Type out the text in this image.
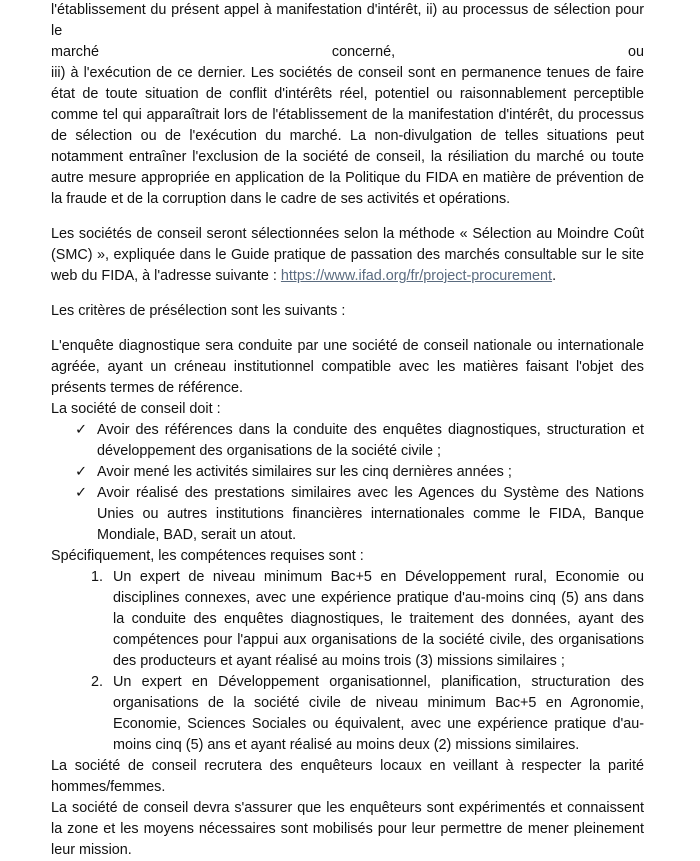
l'établissement du présent appel à manifestation d'intérêt, ii) au processus de sélection pour le

marché	concerné,	ou

iii) à l'exécution de ce dernier. Les sociétés de conseil sont en permanence tenues de faire état de toute situation de conflit d'intérêts réel, potentiel ou raisonnablement perceptible comme tel qui apparaîtrait lors de l'établissement de la manifestation d'intérêt, du processus de sélection ou de l'exécution du marché. La non-divulgation de telles situations peut notamment entraîner l'exclusion de la société de conseil, la résiliation du marché ou toute autre mesure appropriée en application de la Politique du FIDA en matière de prévention de la fraude et de la corruption dans le cadre de ses activités et opérations.

Les sociétés de conseil seront sélectionnées selon la méthode « Sélection au Moindre Coût (SMC) », expliquée dans le Guide pratique de passation des marchés consultable sur le site web du FIDA, à l'adresse suivante : https://www.ifad.org/fr/project-procurement.

Les critères de présélection sont les suivants :

L'enquête diagnostique sera conduite par une société de conseil nationale ou internationale agréée, ayant un créneau institutionnel compatible avec les matières faisant l'objet des présents termes de référence.

La société de conseil doit :

✓ Avoir des références dans la conduite des enquêtes diagnostiques, structuration et développement des organisations de la société civile ;
✓ Avoir mené les activités similaires sur les cinq dernières années ;
✓ Avoir réalisé des prestations similaires avec les Agences du Système des Nations Unies ou autres institutions financières internationales comme le FIDA, Banque Mondiale, BAD, serait un atout.

Spécifiquement, les compétences requises sont :

1. Un expert de niveau minimum Bac+5 en Développement rural, Economie ou disciplines connexes, avec une expérience pratique d'au-moins cinq (5) ans dans la conduite des enquêtes diagnostiques, le traitement des données, ayant des compétences pour l'appui aux organisations de la société civile, des organisations des producteurs et ayant réalisé au moins trois (3) missions similaires ;
2. Un expert en Développement organisationnel, planification, structuration des organisations de la société civile de niveau minimum Bac+5 en Agronomie, Economie, Sciences Sociales ou équivalent, avec une expérience pratique d'au-moins cinq (5) ans et ayant réalisé au moins deux (2) missions similaires.

La société de conseil recrutera des enquêteurs locaux en veillant à respecter la parité hommes/femmes.

La société de conseil devra s'assurer que les enquêteurs sont expérimentés et connaissent la zone et les moyens nécessaires sont mobilisés pour leur permettre de mener pleinement leur mission.
